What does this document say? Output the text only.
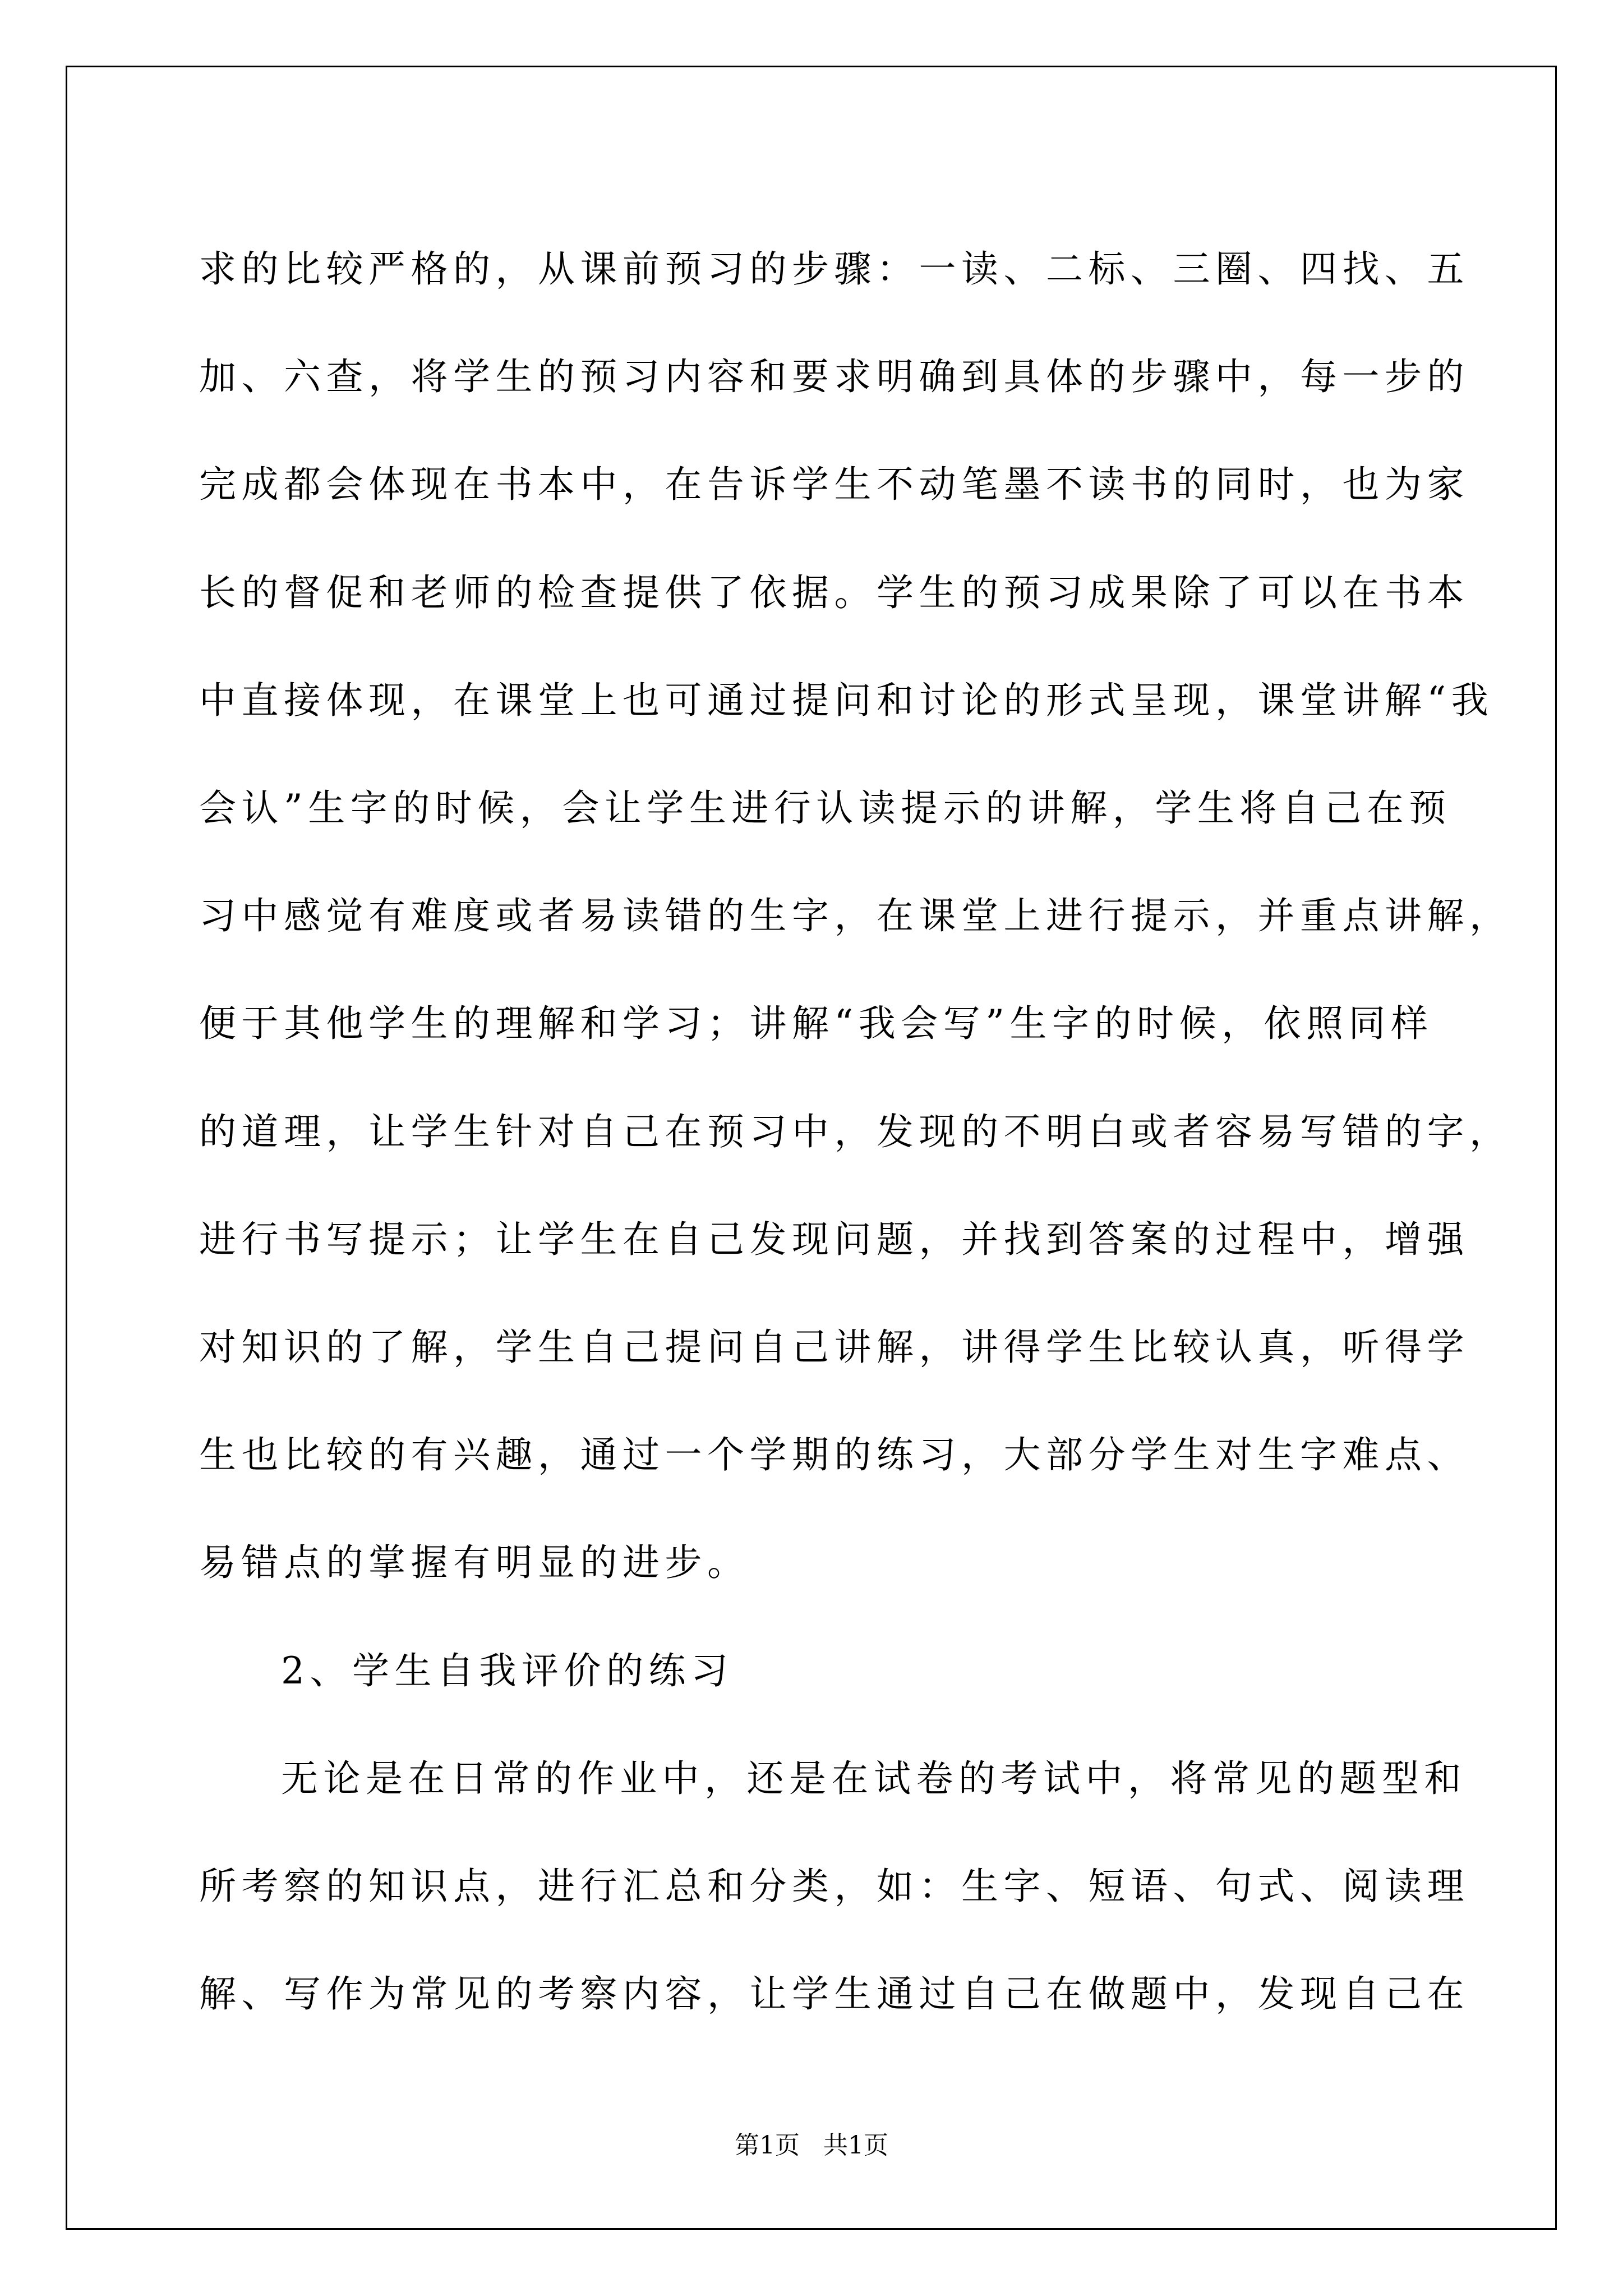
求的比较严格的，从课前预习的步骤：一读、二标、三圈、四找、五
加、六查，将学生的预习内容和要求明确到具体的步骤中，每一步的
完成都会体现在书本中，在告诉学生不动笔墨不读书的同时，也为家
长的督促和老师的检查提供了依据。学生的预习成果除了可以在书本
中直接体现，在课堂上也可通过提问和讨论的形式呈现，课堂讲解“我
会认”生字的时候，会让学生进行认读提示的讲解，学生将自己在预
习中感觉有难度或者易读错的生字，在课堂上进行提示，并重点讲解，
便于其他学生的理解和学习；讲解“我会写”生字的时候，依照同样
的道理，让学生针对自己在预习中，发现的不明白或者容易写错的字，
进行书写提示；让学生在自己发现问题，并找到答案的过程中，增强
对知识的了解，学生自己提问自己讲解，讲得学生比较认真，听得学
生也比较的有兴趣，通过一个学期的练习，大部分学生对生字难点、
易错点的掌握有明显的进步。
2、学生自我评价的练习
无论是在日常的作业中，还是在试卷的考试中，将常见的题型和
所考察的知识点，进行汇总和分类，如：生字、短语、句式、阅读理
解、写作为常见的考察内容，让学生通过自己在做题中，发现自己在
第1页   共1页
